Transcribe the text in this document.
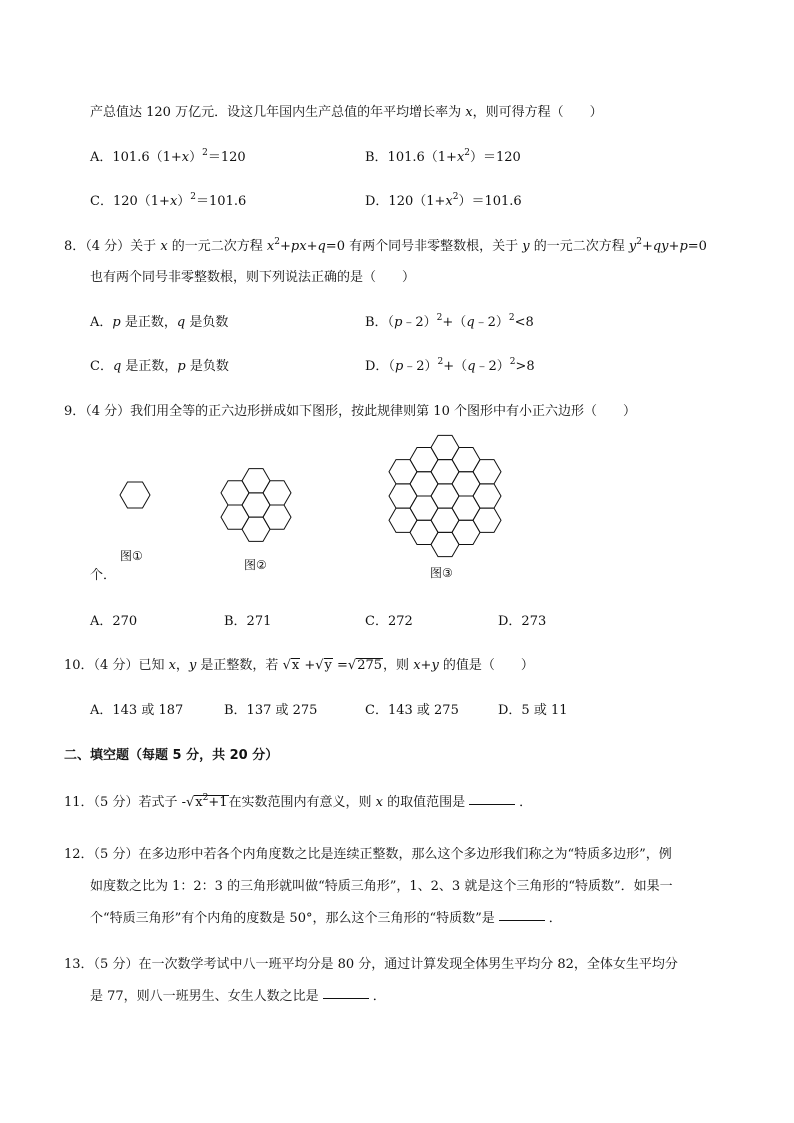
产总值达 120 万亿元．设这几年国内生产总值的年平均增长率为 x，则可得方程（　　）
A．$101.6(1+x)^2=120$	B．$101.6(1+x^2)=120$
C．$120(1+x)^2=101.6$	D．$120(1+x^2)=101.6$
8．（4 分）关于 x 的一元二次方程 $x^2+px+q=0$ 有两个同号非零整数根，关于 y 的一元二次方程 $y^2+qy+p=0$
也有两个同号非零整数根，则下列说法正确的是（　　）
A．p 是正数，q 是负数	B．（p﹣2）$^2$+（q﹣2）$^2$<8
C．q 是正数，p 是负数	D．（p﹣2）$^2$+（q﹣2）$^2$>8
9．（4 分）我们用全等的正六边形拼成如下图形，按此规律则第 10 个图形中有小正六边形（　　）
图①
图②
图③
个．
A．270	B．271	C．272	D．273
10．（4 分）已知 x，y 是正整数，若 √x +√y =√275，则 x+y 的值是（　　）
A．143 或 187	B．137 或 275	C．143 或 275	D．5 或 11
二、填空题（每题 5 分，共 20 分）
11．（5 分）若式子 $-√x^2+1$在实数范围内有意义，则 x 的取值范围是	．
12．（5 分）在多边形中若各个内角度数之比是连续正整数，那么这个多边形我们称之为“特质多边形”，例
如度数之比为 1：2：3 的三角形就叫做“特质三角形”，1、2、3 就是这个三角形的“特质数”．如果一
个“特质三角形”有个内角的度数是 50°，那么这个三角形的“特质数”是	．
13．（5 分）在一次数学考试中八一班平均分是 80 分，通过计算发现全体男生平均分 82，全体女生平均分
是 77，则八一班男生、女生人数之比是	．
